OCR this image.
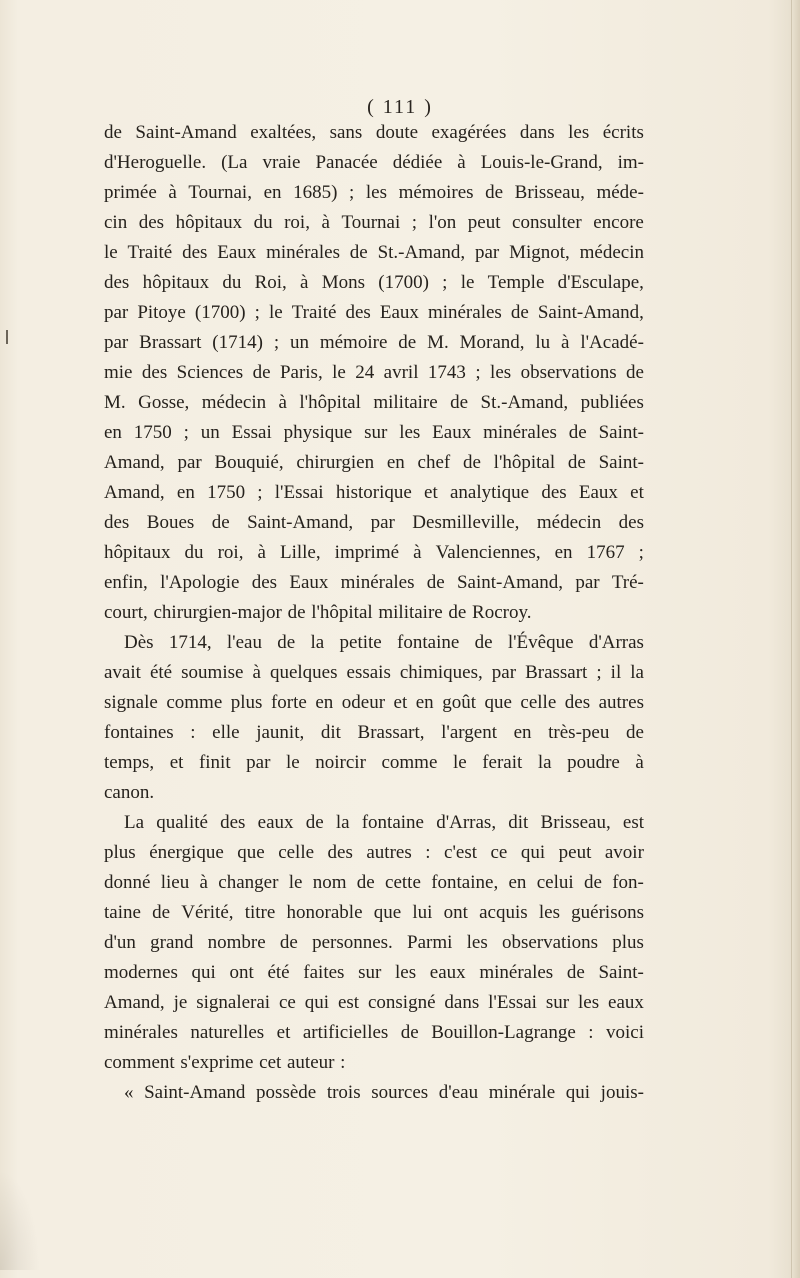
( 111 )
de Saint-Amand exaltées, sans doute exagérées dans les écrits
d'Heroguelle. (La vraie Panacée dédiée à Louis-le-Grand, im-
primée à Tournai, en 1685) ; les mémoires de Brisseau, méde-
cin des hôpitaux du roi, à Tournai ; l'on peut consulter encore
le Traité des Eaux minérales de St.-Amand, par Mignot, médecin
des hôpitaux du Roi, à Mons (1700) ; le Temple d'Esculape,
par Pitoye (1700) ; le Traité des Eaux minérales de Saint-Amand,
par Brassart (1714) ; un mémoire de M. Morand, lu à l'Acadé-
mie des Sciences de Paris, le 24 avril 1743 ; les observations de
M. Gosse, médecin à l'hôpital militaire de St.-Amand, publiées
en 1750 ; un Essai physique sur les Eaux minérales de Saint-
Amand, par Bouquié, chirurgien en chef de l'hôpital de Saint-
Amand, en 1750 ; l'Essai historique et analytique des Eaux et
des Boues de Saint-Amand, par Desmilleville, médecin des
hôpitaux du roi, à Lille, imprimé à Valenciennes, en 1767 ;
enfin, l'Apologie des Eaux minérales de Saint-Amand, par Tré-
court, chirurgien-major de l'hôpital militaire de Rocroy.
Dès 1714, l'eau de la petite fontaine de l'Évêque d'Arras
avait été soumise à quelques essais chimiques, par Brassart ; il la
signale comme plus forte en odeur et en goût que celle des autres
fontaines : elle jaunit, dit Brassart, l'argent en très-peu de
temps, et finit par le noircir comme le ferait la poudre à
canon.
La qualité des eaux de la fontaine d'Arras, dit Brisseau, est
plus énergique que celle des autres : c'est ce qui peut avoir
donné lieu à changer le nom de cette fontaine, en celui de fon-
taine de Vérité, titre honorable que lui ont acquis les guérisons
d'un grand nombre de personnes. Parmi les observations plus
modernes qui ont été faites sur les eaux minérales de Saint-
Amand, je signalerai ce qui est consigné dans l'Essai sur les eaux
minérales naturelles et artificielles de Bouillon-Lagrange : voici
comment s'exprime cet auteur :
« Saint-Amand possède trois sources d'eau minérale qui jouis-
